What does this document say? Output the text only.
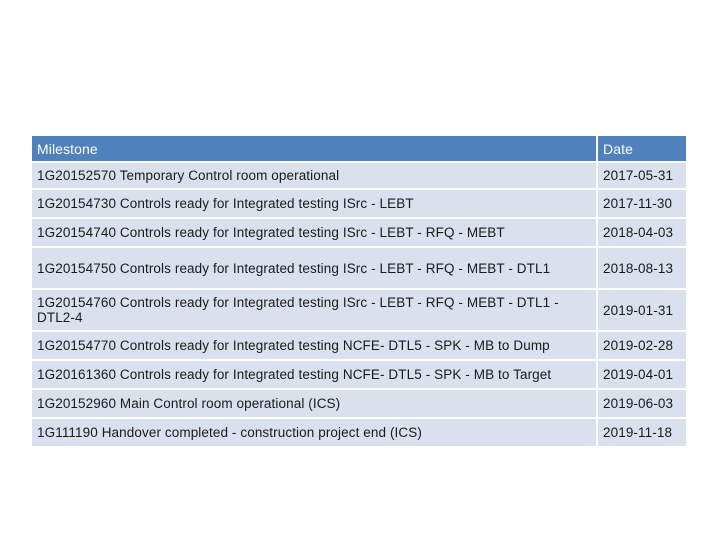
Milestone	Date
1G20152570 Temporary Control room operational	2017-05-31
1G20154730 Controls ready for Integrated testing ISrc - LEBT	2017-11-30
1G20154740 Controls ready for Integrated testing ISrc - LEBT - RFQ - MEBT	2018-04-03
1G20154750 Controls ready for Integrated testing ISrc - LEBT - RFQ - MEBT - DTL1	2018-08-13
1G20154760 Controls ready for Integrated testing ISrc - LEBT - RFQ - MEBT - DTL1 - DTL2-4	2019-01-31
1G20154770 Controls ready for Integrated testing NCFE- DTL5 - SPK - MB to Dump	2019-02-28
1G20161360 Controls ready for Integrated testing NCFE- DTL5 - SPK - MB to Target	2019-04-01
1G20152960 Main Control room operational (ICS)	2019-06-03
1G111190 Handover completed - construction project end (ICS)	2019-11-18
